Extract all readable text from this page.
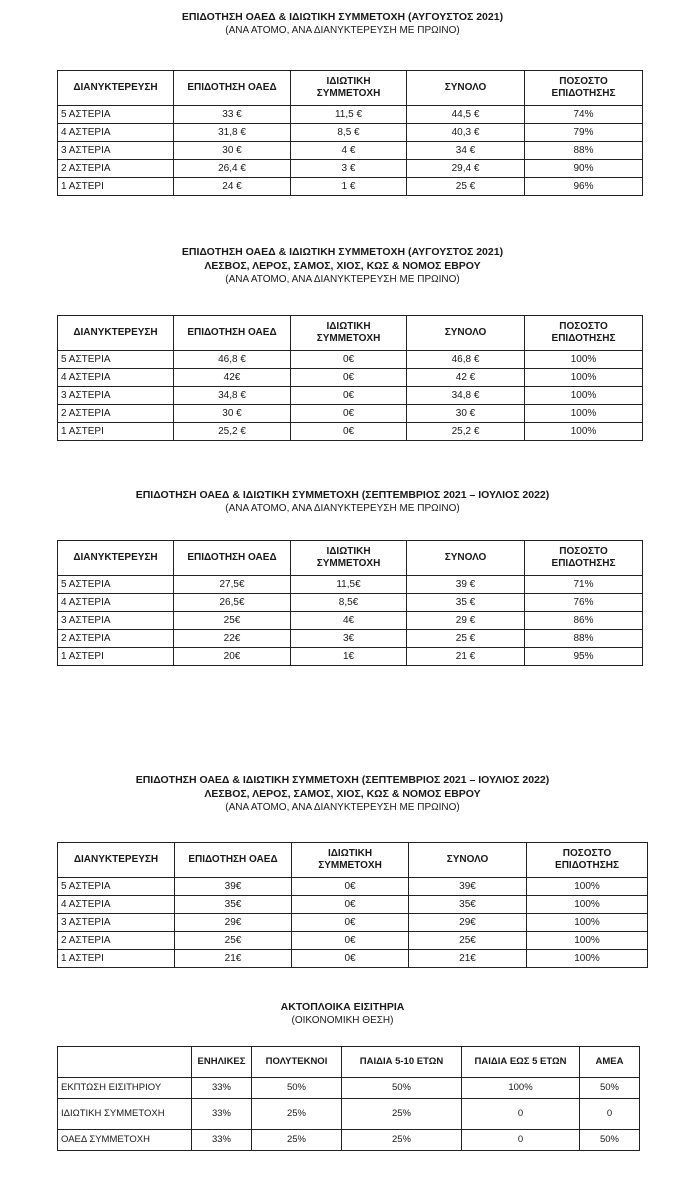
ΕΠΙΔΟΤΗΣΗ ΟΑΕΔ & ΙΔΙΩΤΙΚΗ ΣΥΜΜΕΤΟΧΗ (ΑΥΓΟΥΣΤΟΣ 2021)
(ΑΝΑ ΑΤΟΜΟ, ΑΝΑ ΔΙΑΝΥΚΤΕΡΕΥΣΗ ΜΕ ΠΡΩΙΝΟ)
ΔΙΑΝΥΚΤΕΡΕΥΣΗ	ΕΠΙΔΟΤΗΣΗ ΟΑΕΔ	ΙΔΙΩΤΙΚΗ ΣΥΜΜΕΤΟΧΗ	ΣΥΝΟΛΟ	ΠΟΣΟΣΤΟ ΕΠΙΔΟΤΗΣΗΣ
5 ΑΣΤΕΡΙΑ	33 €	11,5 €	44,5 €	74%
4 ΑΣΤΕΡΙΑ	31,8 €	8,5 €	40,3 €	79%
3 ΑΣΤΕΡΙΑ	30 €	4 €	34 €	88%
2 ΑΣΤΕΡΙΑ	26,4 €	3 €	29,4 €	90%
1 ΑΣΤΕΡΙ	24 €	1 €	25 €	96%
ΕΠΙΔΟΤΗΣΗ ΟΑΕΔ & ΙΔΙΩΤΙΚΗ ΣΥΜΜΕΤΟΧΗ (ΑΥΓΟΥΣΤΟΣ 2021)
ΛΕΣΒΟΣ, ΛΕΡΟΣ, ΣΑΜΟΣ, ΧΙΟΣ, ΚΩΣ & ΝΟΜΟΣ ΕΒΡΟΥ
(ΑΝΑ ΑΤΟΜΟ, ΑΝΑ ΔΙΑΝΥΚΤΕΡΕΥΣΗ ΜΕ ΠΡΩΙΝΟ)
ΔΙΑΝΥΚΤΕΡΕΥΣΗ	ΕΠΙΔΟΤΗΣΗ ΟΑΕΔ	ΙΔΙΩΤΙΚΗ ΣΥΜΜΕΤΟΧΗ	ΣΥΝΟΛΟ	ΠΟΣΟΣΤΟ ΕΠΙΔΟΤΗΣΗΣ
5 ΑΣΤΕΡΙΑ	46,8 €	0€	46,8 €	100%
4 ΑΣΤΕΡΙΑ	42€	0€	42 €	100%
3 ΑΣΤΕΡΙΑ	34,8 €	0€	34,8 €	100%
2 ΑΣΤΕΡΙΑ	30 €	0€	30 €	100%
1 ΑΣΤΕΡΙ	25,2 €	0€	25,2 €	100%
ΕΠΙΔΟΤΗΣΗ ΟΑΕΔ & ΙΔΙΩΤΙΚΗ ΣΥΜΜΕΤΟΧΗ (ΣΕΠΤΕΜΒΡΙΟΣ 2021 – ΙΟΥΛΙΟΣ 2022)
(ΑΝΑ ΑΤΟΜΟ, ΑΝΑ ΔΙΑΝΥΚΤΕΡΕΥΣΗ ΜΕ ΠΡΩΙΝΟ)
ΔΙΑΝΥΚΤΕΡΕΥΣΗ	ΕΠΙΔΟΤΗΣΗ ΟΑΕΔ	ΙΔΙΩΤΙΚΗ ΣΥΜΜΕΤΟΧΗ	ΣΥΝΟΛΟ	ΠΟΣΟΣΤΟ ΕΠΙΔΟΤΗΣΗΣ
5 ΑΣΤΕΡΙΑ	27,5€	11,5€	39 €	71%
4 ΑΣΤΕΡΙΑ	26,5€	8,5€	35 €	76%
3 ΑΣΤΕΡΙΑ	25€	4€	29 €	86%
2 ΑΣΤΕΡΙΑ	22€	3€	25 €	88%
1 ΑΣΤΕΡΙ	20€	1€	21 €	95%
ΕΠΙΔΟΤΗΣΗ ΟΑΕΔ & ΙΔΙΩΤΙΚΗ ΣΥΜΜΕΤΟΧΗ (ΣΕΠΤΕΜΒΡΙΟΣ 2021 – ΙΟΥΛΙΟΣ 2022)
ΛΕΣΒΟΣ, ΛΕΡΟΣ, ΣΑΜΟΣ, ΧΙΟΣ, ΚΩΣ & ΝΟΜΟΣ ΕΒΡΟΥ
(ΑΝΑ ΑΤΟΜΟ, ΑΝΑ ΔΙΑΝΥΚΤΕΡΕΥΣΗ ΜΕ ΠΡΩΙΝΟ)
ΔΙΑΝΥΚΤΕΡΕΥΣΗ	ΕΠΙΔΟΤΗΣΗ ΟΑΕΔ	ΙΔΙΩΤΙΚΗ ΣΥΜΜΕΤΟΧΗ	ΣΥΝΟΛΟ	ΠΟΣΟΣΤΟ ΕΠΙΔΟΤΗΣΗΣ
5 ΑΣΤΕΡΙΑ	39€	0€	39€	100%
4 ΑΣΤΕΡΙΑ	35€	0€	35€	100%
3 ΑΣΤΕΡΙΑ	29€	0€	29€	100%
2 ΑΣΤΕΡΙΑ	25€	0€	25€	100%
1 ΑΣΤΕΡΙ	21€	0€	21€	100%
ΑΚΤΟΠΛΟΙΚΑ ΕΙΣΙΤΗΡΙΑ
(ΟΙΚΟΝΟΜΙΚΗ ΘΕΣΗ)
	ΕΝΗΛΙΚΕΣ	ΠΟΛΥΤΕΚΝΟΙ	ΠΑΙΔΙΑ 5-10 ΕΤΩΝ	ΠΑΙΔΙΑ ΕΩΣ 5 ΕΤΩΝ	ΑΜΕΑ
ΕΚΠΤΩΣΗ ΕΙΣΙΤΗΡΙΟΥ	33%	50%	50%	100%	50%
ΙΔΙΩΤΙΚΗ ΣΥΜΜΕΤΟΧΗ	33%	25%	25%	0	0
ΟΑΕΔ ΣΥΜΜΕΤΟΧΗ	33%	25%	25%	0	50%
